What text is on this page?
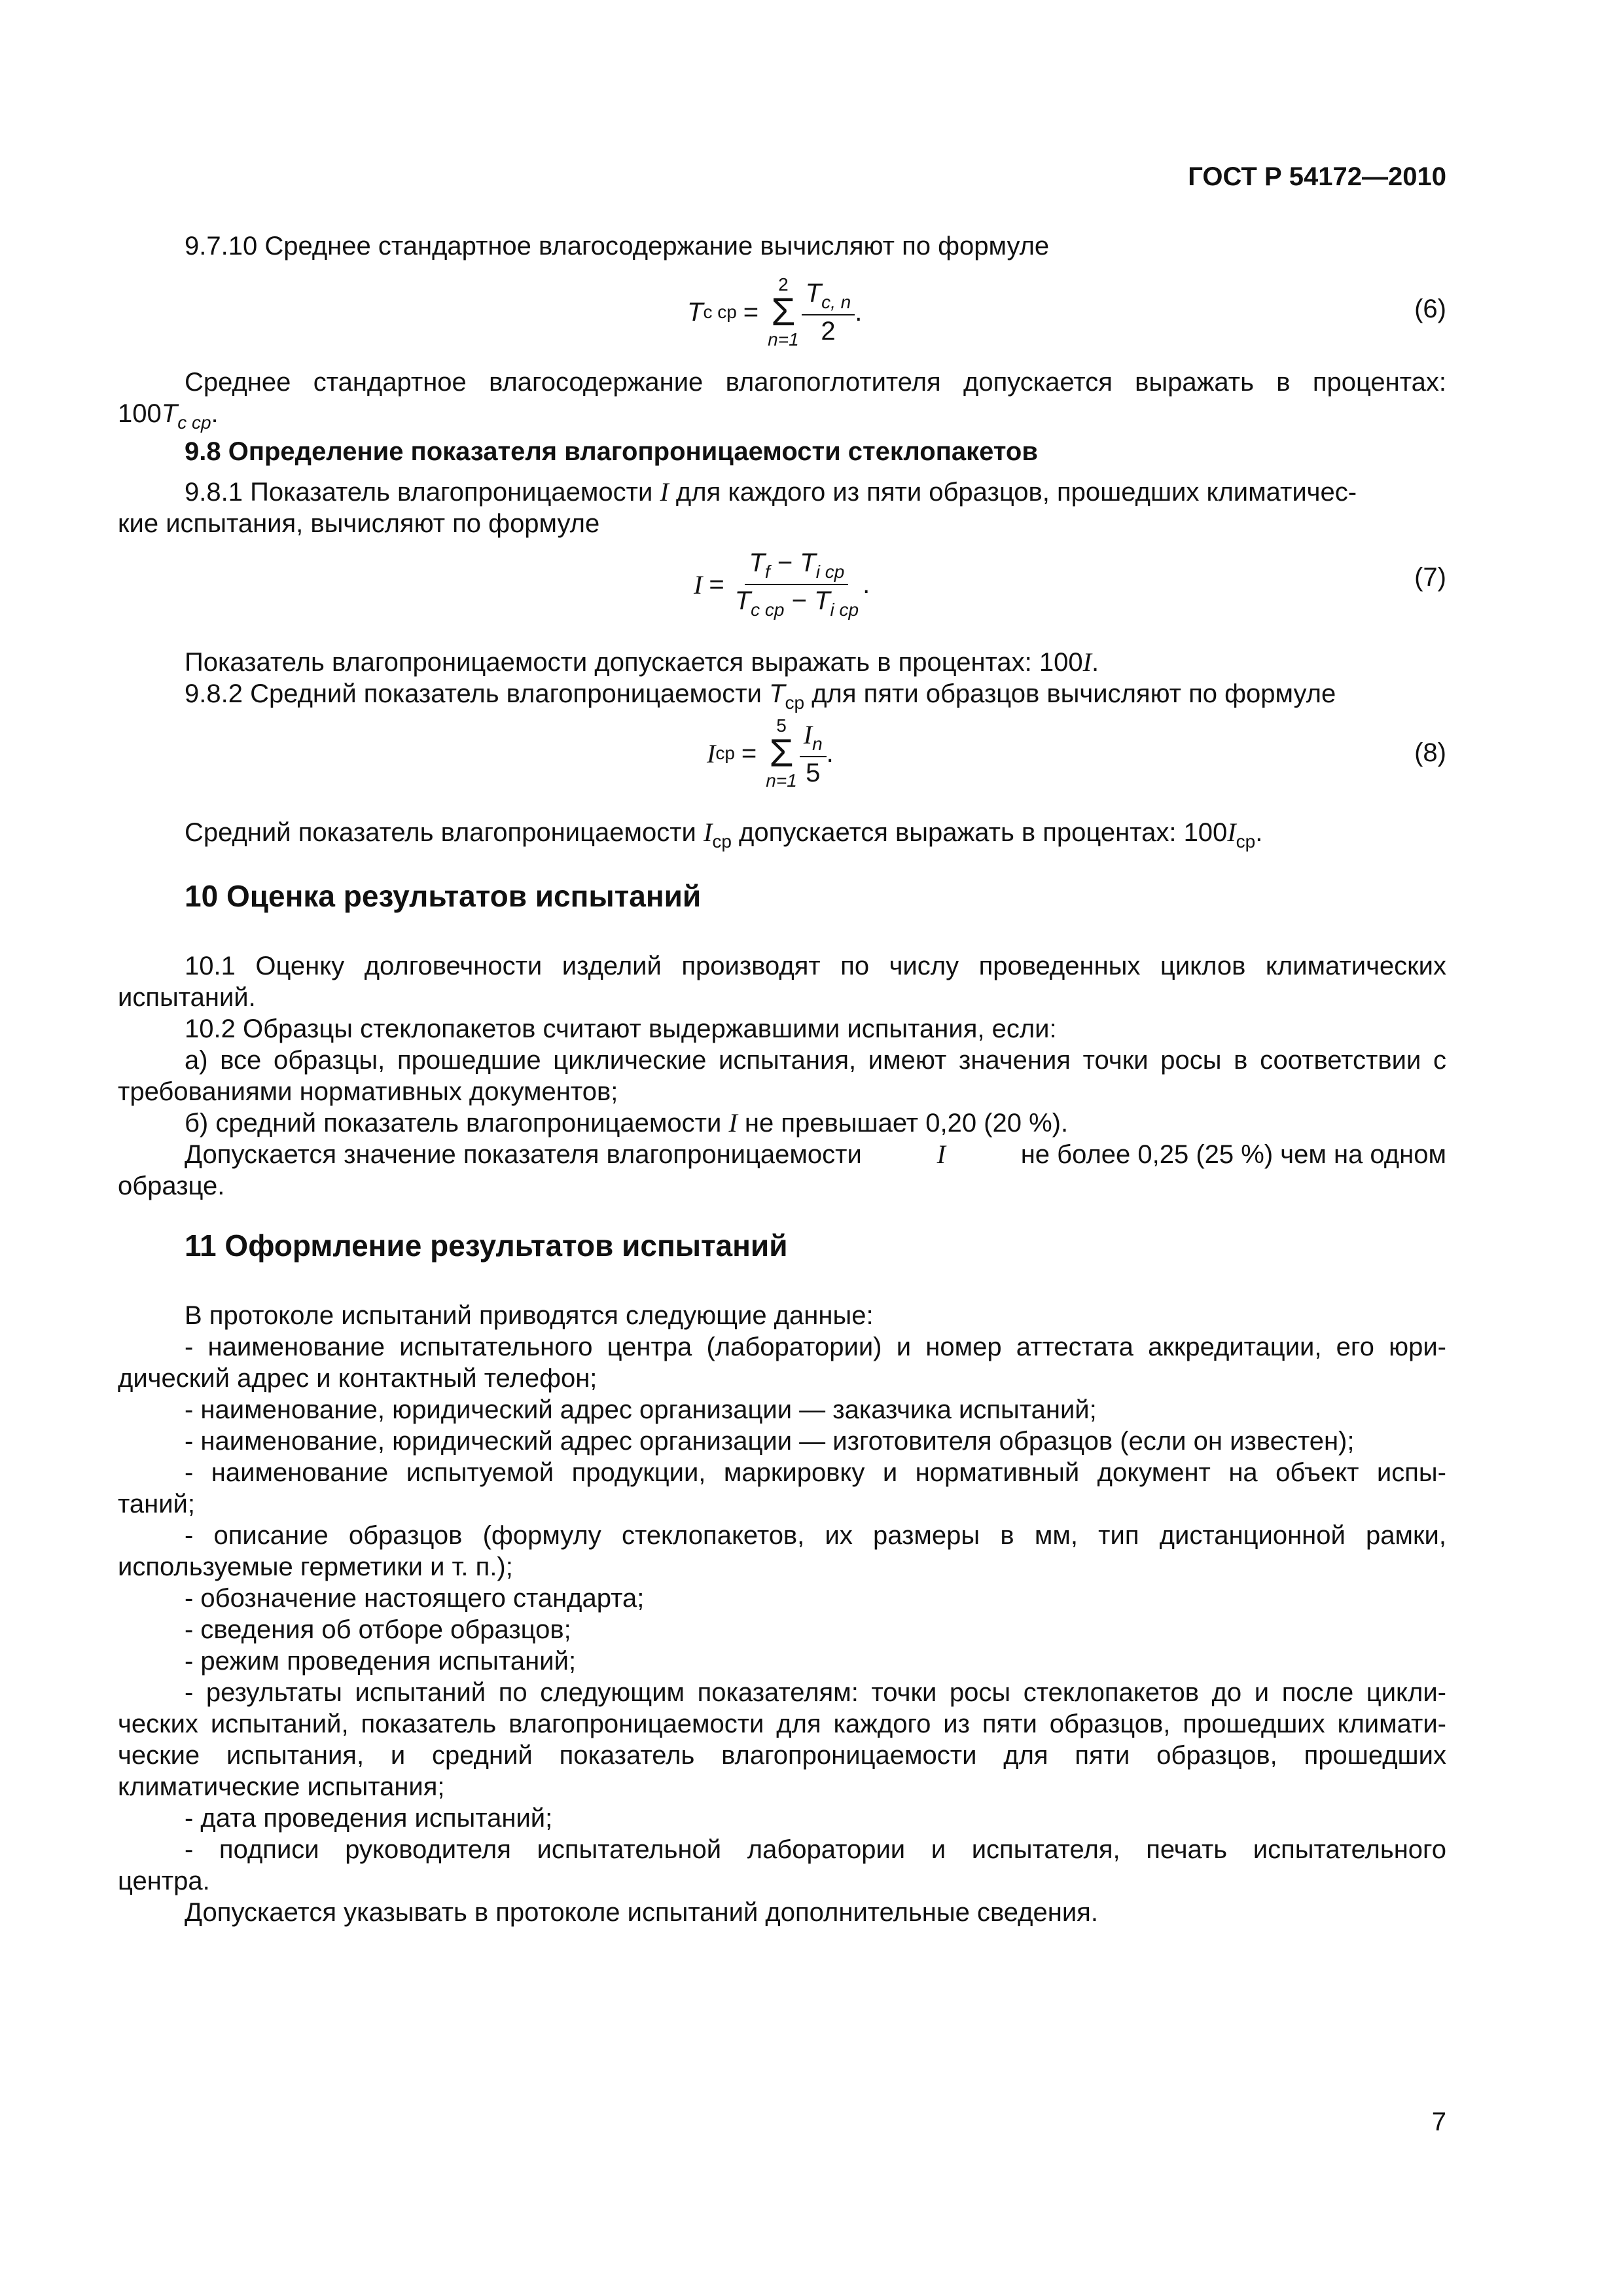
ГОСТ Р 54172—2010
9.7.10 Среднее стандартное влагосодержание вычисляют по формуле
T c ср =
2
Σ
$n=1 \frac{T_{c, n}}{2}$ .	(6)
Среднее стандартное влагосодержание влагопоглотителя допускается выражать в процентах:
$100T_{c ср}$.
9.8 Определение показателя влагопроницаемости стеклопакетов
9.8.1 Показатель влагопроницаемости I для каждого из пяти образцов, прошедших климатичес-
кие испытания, вычисляют по формуле
$I = \frac{T_f - T_{i ср}}{T_{c ср} - T_{i ср}}$ .	(7)
Показатель влагопроницаемости допускается выражать в процентах: 100I.
9.8.2 Средний показатель влагопроницаемости $T_{ср}$ для пяти образцов вычисляют по формуле
I ср =
5
Σ
$n=1 \frac{I_n}{5}$ .	(8)
Средний показатель влагопроницаемости $I_{ср}$ допускается выражать в процентах: $100I_{ср}$.
10 Оценка результатов испытаний
10.1 Оценку долговечности изделий производят по числу проведенных циклов климатических
испытаний.
10.2 Образцы стеклопакетов считают выдержавшими испытания, если:
а) все образцы, прошедшие циклические испытания, имеют значения точки росы в соответствии с
требованиями нормативных документов;
б) средний показатель влагопроницаемости I не превышает 0,20 (20 %).
Допускается значение показателя влагопроницаемости	I	не более 0,25 (25 %) чем на одном
образце.
11 Оформление результатов испытаний
В протоколе испытаний приводятся следующие данные:
- наименование испытательного центра (лаборатории) и номер аттестата аккредитации, его юри-
дический адрес и контактный телефон;
- наименование, юридический адрес организации — заказчика испытаний;
- наименование, юридический адрес организации — изготовителя образцов (если он известен);
- наименование испытуемой продукции, маркировку и нормативный документ на объект испы-
таний;
- описание образцов (формулу стеклопакетов, их размеры в мм, тип дистанционной рамки,
используемые герметики и т. п.);
- обозначение настоящего стандарта;
- сведения об отборе образцов;
- режим проведения испытаний;
- результаты испытаний по следующим показателям: точки росы стеклопакетов до и после цикли-
ческих испытаний, показатель влагопроницаемости для каждого из пяти образцов, прошедших климати-
ческие испытания, и средний показатель влагопроницаемости для пяти образцов, прошедших
климатические испытания;
- дата проведения испытаний;
- подписи руководителя испытательной лаборатории и испытателя, печать испытательного
центра.
Допускается указывать в протоколе испытаний дополнительные сведения.
7
